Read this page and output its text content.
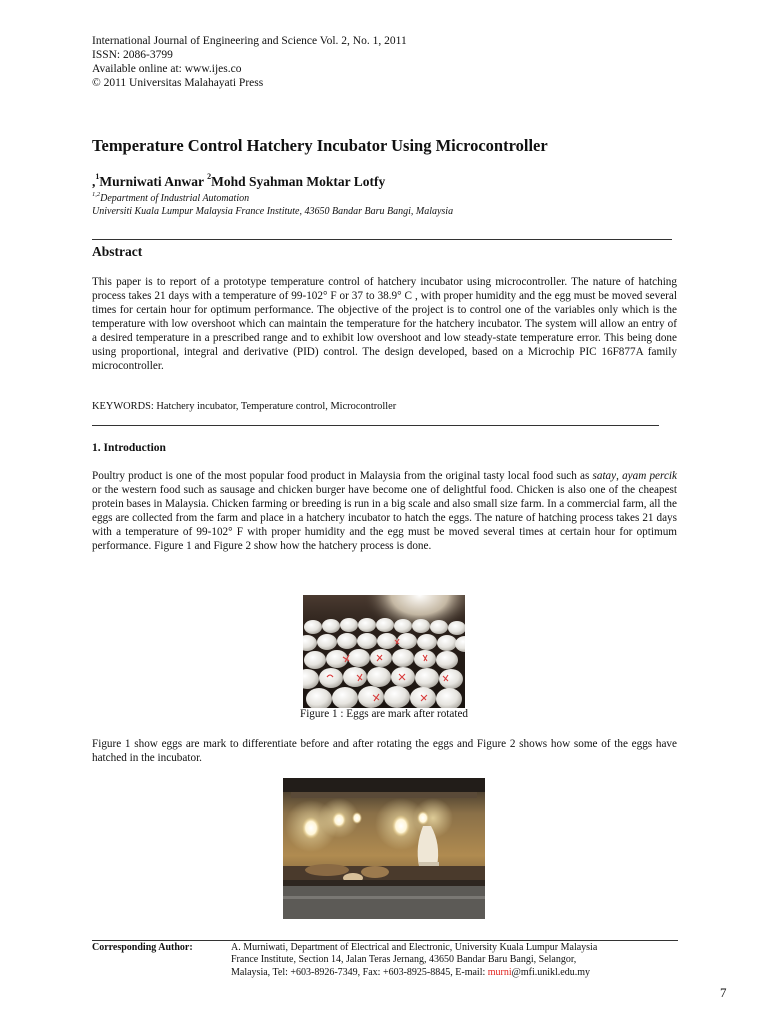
International Journal of Engineering and Science Vol. 2, No. 1, 2011
ISSN: 2086-3799
Available online at: www.ijes.co
© 2011 Universitas Malahayati Press
Temperature Control Hatchery Incubator Using Microcontroller
,$^1$Murniwati Anwar $^2$Mohd Syahman Moktar Lotfy
$^{1,2}$Department of Industrial Automation
Universiti Kuala Lumpur Malaysia France Institute, 43650 Bandar Baru Bangi, Malaysia
Abstract
This paper is to report of a prototype temperature control of hatchery incubator using microcontroller. The nature of hatching process takes 21 days with a temperature of 99-102° F or 37 to 38.9° C , with proper humidity and the egg must be moved several times for certain hour for optimum performance. The objective of the project is to control one of the variables only which is the temperature with low overshoot which can maintain the temperature for the hatchery incubator. The system will allow an entry of a desired temperature in a prescribed range and to exhibit low overshoot and low steady-state temperature error. This being done using proportional, integral and derivative (PID) control. The design developed, based on a Microchip PIC 16F877A family microcontroller.
KEYWORDS: Hatchery incubator, Temperature control, Microcontroller
1. Introduction
Poultry product is one of the most popular food product in Malaysia from the original tasty local food such as satay, ayam percik or the western food such as sausage and chicken burger have become one of delightful food. Chicken is also one of the cheapest protein bases in Malaysia. Chicken farming or breeding is run in a big scale and also small size farm. In a commercial farm, all the eggs are collected from the farm and place in a hatchery incubator to hatch the eggs. The nature of hatching process takes 21 days with a temperature of 99-102° F with proper humidity and the egg must be moved several times at certain hour for optimum performance. Figure 1 and Figure 2 show how the hatchery process is done.
Figure 1 : Eggs are mark after rotated
Figure 1 show eggs are mark to differentiate before and after rotating the eggs and Figure 2 shows how some of the eggs have hatched in the incubator.
Corresponding Author:	A. Murniwati, Department of Electrical and Electronic, University Kuala Lumpur Malaysia
France Institute, Section 14, Jalan Teras Jernang, 43650 Bandar Baru Bangi, Selangor,
Malaysia, Tel: +603-8926-7349, Fax: +603-8925-8845, E-mail: murni@mfi.unikl.edu.my
7
